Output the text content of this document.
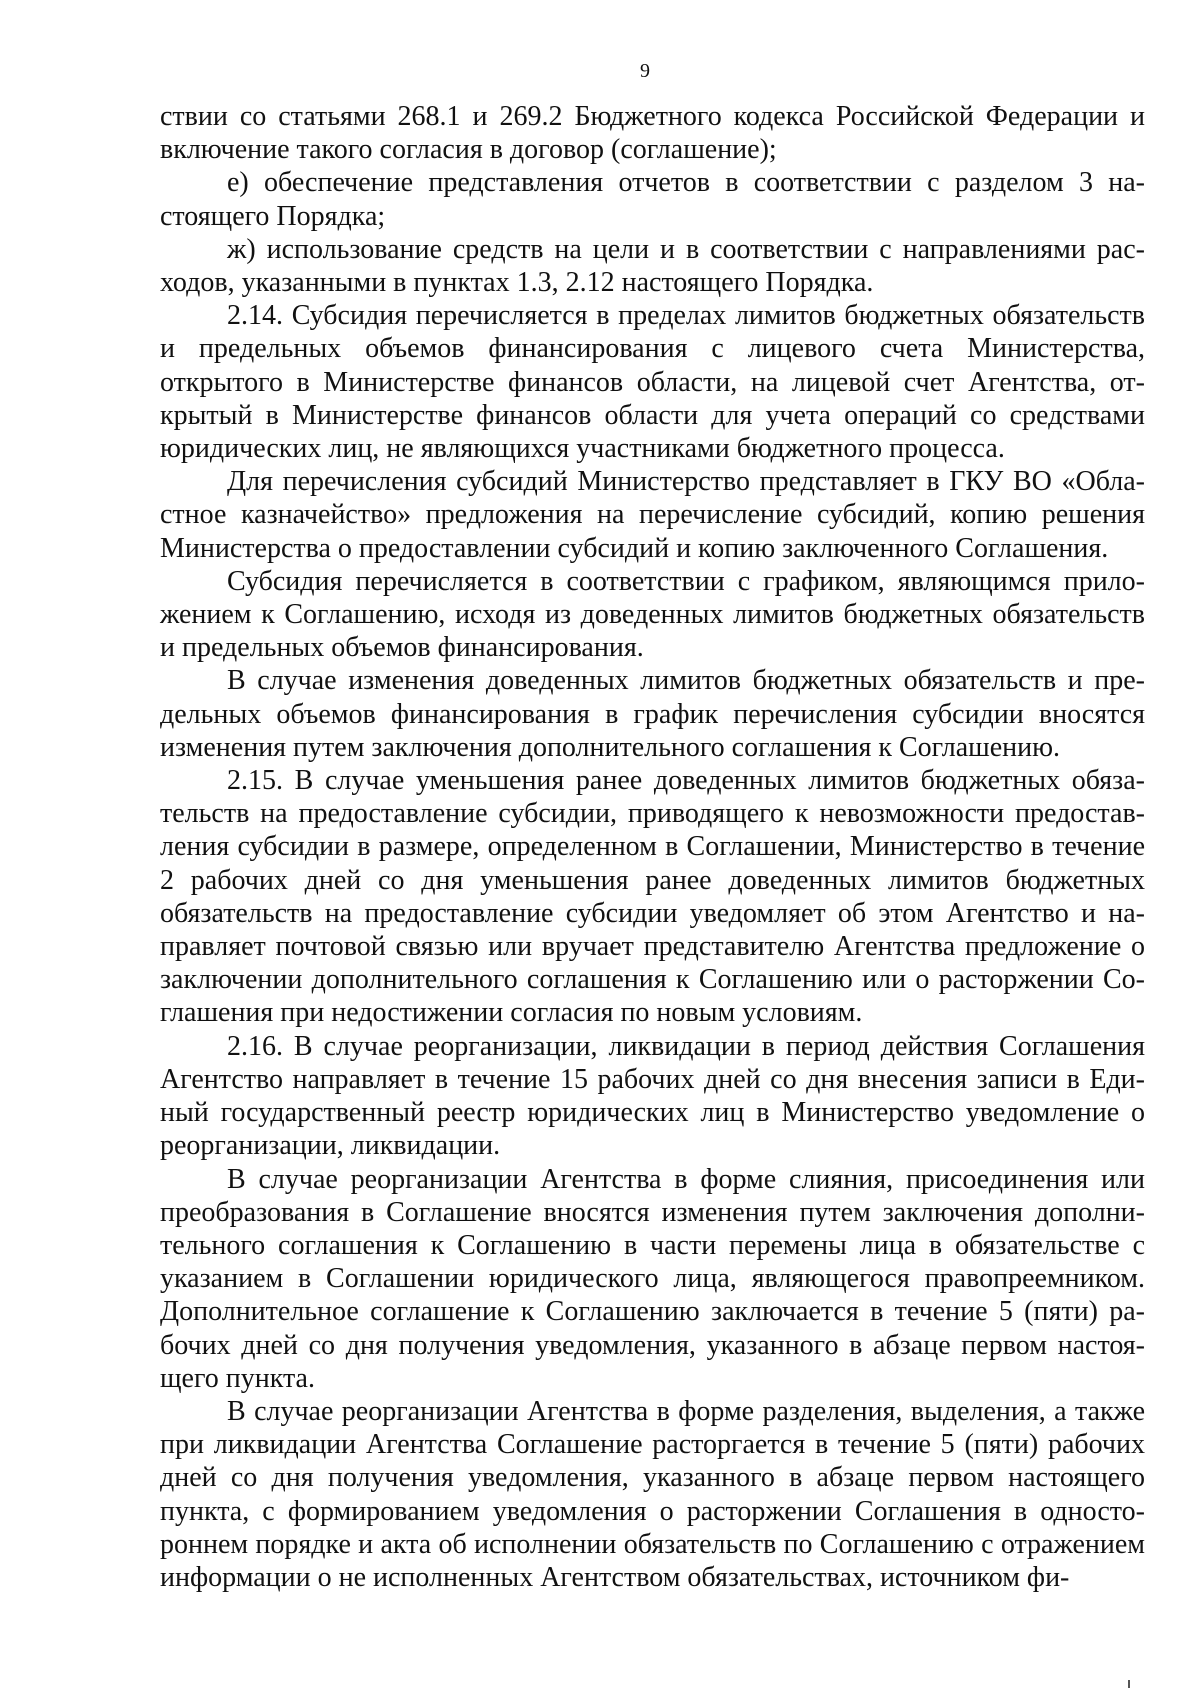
9

ствии со статьями 268.1 и 269.2 Бюджетного кодекса Российской Федерации и включение такого согласия в договор (соглашение);

е) обеспечение представления отчетов в соответствии с разделом 3 настоящего Порядка;

ж) использование средств на цели и в соответствии с направлениями расходов, указанными в пунктах 1.3, 2.12 настоящего Порядка.

2.14. Субсидия перечисляется в пределах лимитов бюджетных обязательств и предельных объемов финансирования с лицевого счета Министерства, открытого в Министерстве финансов области, на лицевой счет Агентства, открытый в Министерстве финансов области для учета операций со средствами юридических лиц, не являющихся участниками бюджетного процесса.

Для перечисления субсидий Министерство представляет в ГКУ ВО «Областное казначейство» предложения на перечисление субсидий, копию решения Министерства о предоставлении субсидий и копию заключенного Соглашения.

Субсидия перечисляется в соответствии с графиком, являющимся приложением к Соглашению, исходя из доведенных лимитов бюджетных обязательств и предельных объемов финансирования.

В случае изменения доведенных лимитов бюджетных обязательств и предельных объемов финансирования в график перечисления субсидии вносятся изменения путем заключения дополнительного соглашения к Соглашению.

2.15. В случае уменьшения ранее доведенных лимитов бюджетных обязательств на предоставление субсидии, приводящего к невозможности предоставления субсидии в размере, определенном в Соглашении, Министерство в течение 2 рабочих дней со дня уменьшения ранее доведенных лимитов бюджетных обязательств на предоставление субсидии уведомляет об этом Агентство и направляет почтовой связью или вручает представителю Агентства предложение о заключении дополнительного соглашения к Соглашению или о расторжении Соглашения при недостижении согласия по новым условиям.

2.16. В случае реорганизации, ликвидации в период действия Соглашения Агентство направляет в течение 15 рабочих дней со дня внесения записи в Единый государственный реестр юридических лиц в Министерство уведомление о реорганизации, ликвидации.

В случае реорганизации Агентства в форме слияния, присоединения или преобразования в Соглашение вносятся изменения путем заключения дополнительного соглашения к Соглашению в части перемены лица в обязательстве с указанием в Соглашении юридического лица, являющегося правопреемником. Дополнительное соглашение к Соглашению заключается в течение 5 (пяти) рабочих дней со дня получения уведомления, указанного в абзаце первом настоящего пункта.

В случае реорганизации Агентства в форме разделения, выделения, а также при ликвидации Агентства Соглашение расторгается в течение 5 (пяти) рабочих дней со дня получения уведомления, указанного в абзаце первом настоящего пункта, с формированием уведомления о расторжении Соглашения в одностороннем порядке и акта об исполнении обязательств по Соглашению с отражением информации о не исполненных Агентством обязательствах, источником фи-
